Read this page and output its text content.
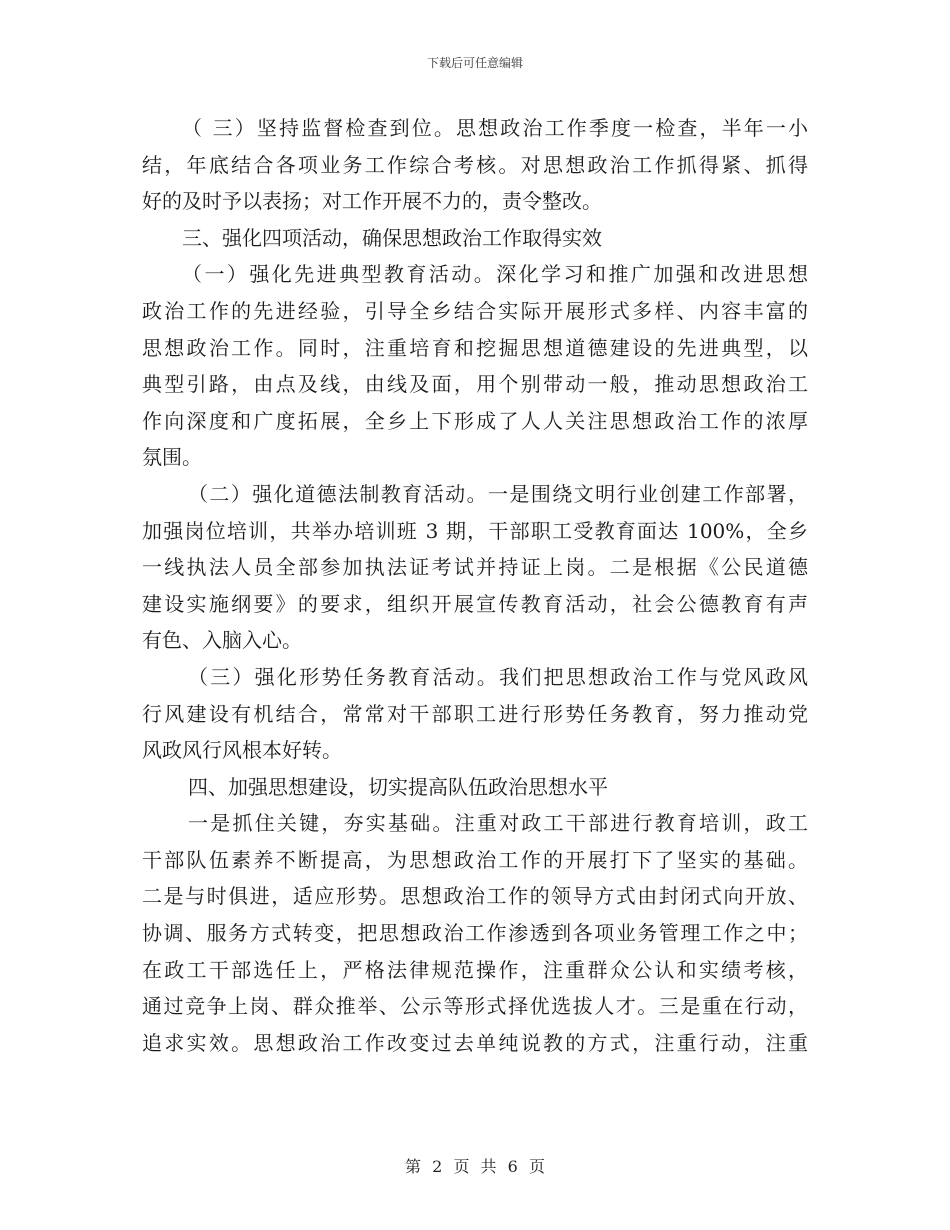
下载后可任意编辑
（ 三）坚持监督检查到位。思想政治工作季度一检查，半年一小
结，年底结合各项业务工作综合考核。对思想政治工作抓得紧、抓得
好的及时予以表扬；对工作开展不力的，责令整改。
三、强化四项活动，确保思想政治工作取得实效
（一）强化先进典型教育活动。深化学习和推广加强和改进思想
政治工作的先进经验，引导全乡结合实际开展形式多样、内容丰富的
思想政治工作。同时，注重培育和挖掘思想道德建设的先进典型，以
典型引路，由点及线，由线及面，用个别带动一般，推动思想政治工
作向深度和广度拓展，全乡上下形成了人人关注思想政治工作的浓厚
氛围。
（二）强化道德法制教育活动。一是围绕文明行业创建工作部署，
加强岗位培训，共举办培训班 3 期，干部职工受教育面达 100%，全乡
一线执法人员全部参加执法证考试并持证上岗。二是根据《公民道德
建设实施纲要》的要求，组织开展宣传教育活动，社会公德教育有声
有色、入脑入心。
（三）强化形势任务教育活动。我们把思想政治工作与党风政风
行风建设有机结合，常常对干部职工进行形势任务教育，努力推动党
风政风行风根本好转。
四、加强思想建设，切实提高队伍政治思想水平
一是抓住关键，夯实基础。注重对政工干部进行教育培训，政工
干部队伍素养不断提高，为思想政治工作的开展打下了坚实的基础。
二是与时俱进，适应形势。思想政治工作的领导方式由封闭式向开放、
协调、服务方式转变，把思想政治工作渗透到各项业务管理工作之中；
在政工干部选任上，严格法律规范操作，注重群众公认和实绩考核，
通过竞争上岗、群众推举、公示等形式择优选拔人才。三是重在行动，
追求实效。思想政治工作改变过去单纯说教的方式，注重行动，注重
第 2 页 共 6 页
